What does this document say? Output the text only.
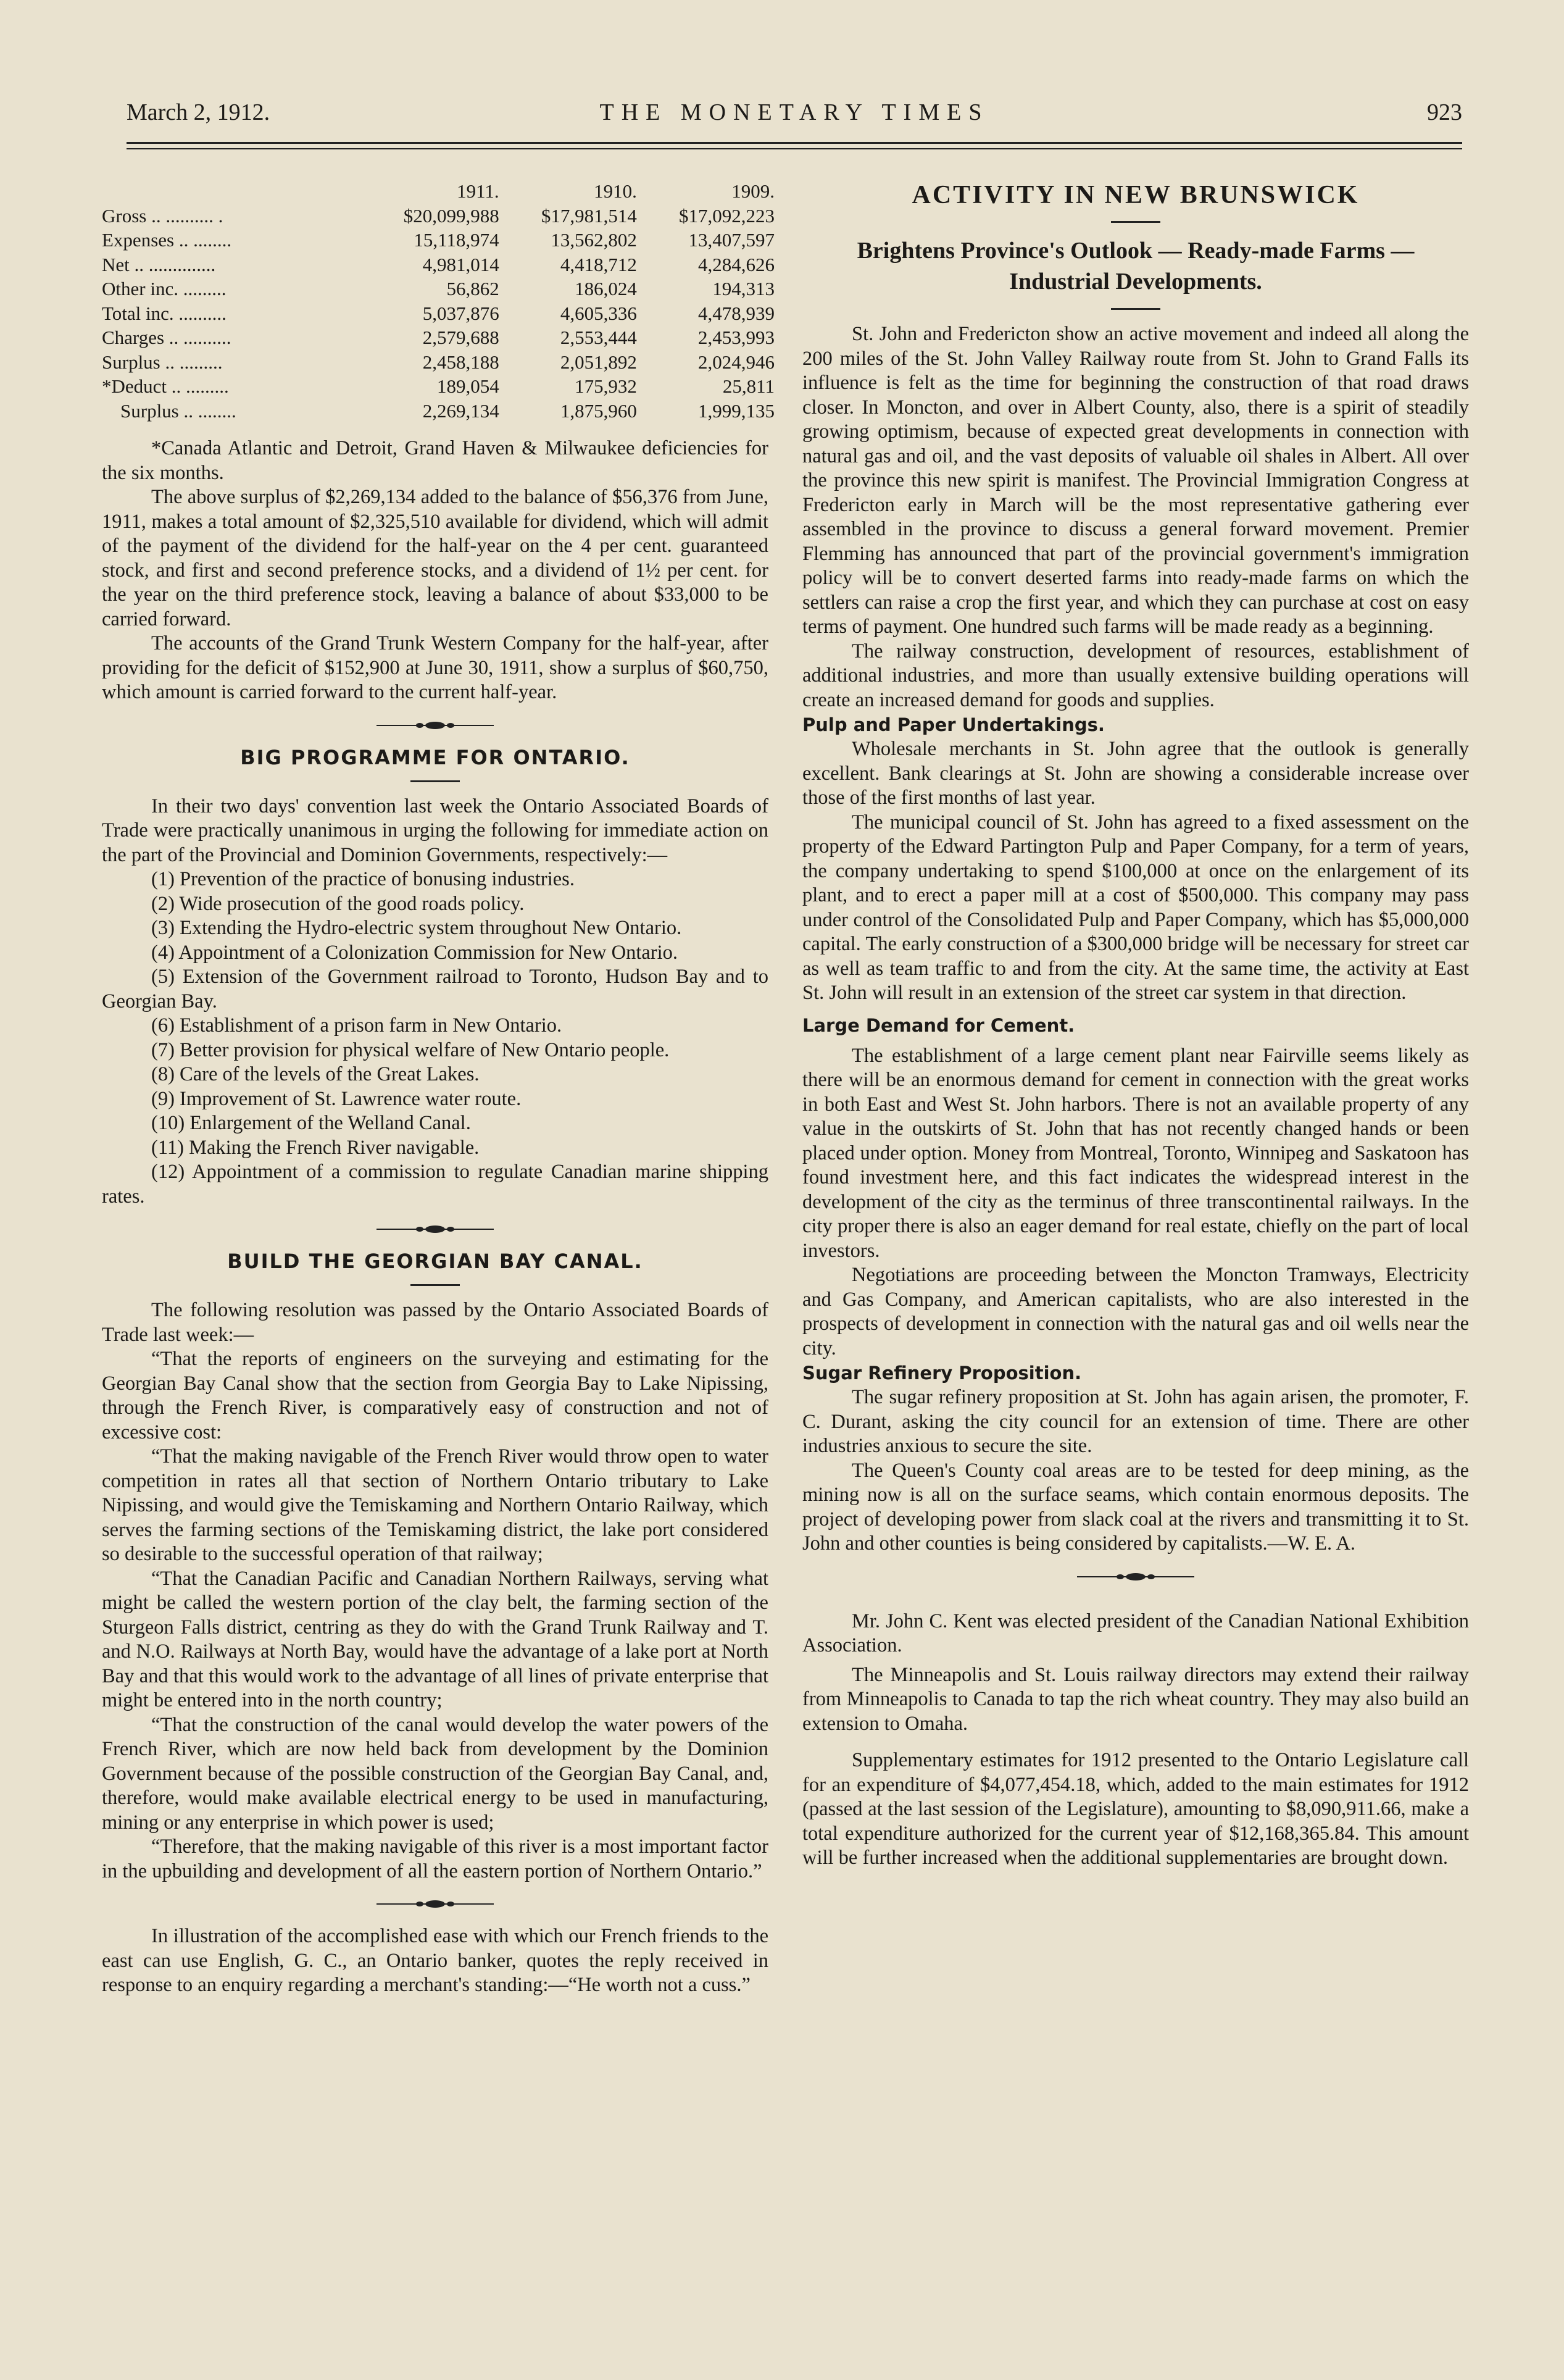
THE MONETARY TIMES
March 2, 1912.	923
	1911.	1910.	1909.
Gross .. .......... .	$20,099,988	$17,981,514	$17,092,223
Expenses .. ........	15,118,974	13,562,802	13,407,597
Net .. ..............	4,981,014	4,418,712	4,284,626
Other inc. .........	56,862	186,024	194,313
Total inc. ..........	5,037,876	4,605,336	4,478,939
Charges .. ..........	2,579,688	2,553,444	2,453,993
Surplus .. .........	2,458,188	2,051,892	2,024,946
*Deduct .. .........	189,054	175,932	25,811
Surplus .. ........	2,269,134	1,875,960	1,999,135

*Canada Atlantic and Detroit, Grand Haven & Milwaukee deficiencies for the six months.

The above surplus of $2,269,134 added to the balance of $56,376 from June, 1911, makes a total amount of $2,325,510 available for dividend, which will admit of the payment of the dividend for the half-year on the 4 per cent. guaranteed stock, and first and second preference stocks, and a dividend of 1½ per cent. for the year on the third preference stock, leaving a balance of about $33,000 to be carried forward.

The accounts of the Grand Trunk Western Company for the half-year, after providing for the deficit of $152,900 at June 30, 1911, show a surplus of $60,750, which amount is carried forward to the current half-year.

BIG PROGRAMME FOR ONTARIO.

In their two days' convention last week the Ontario Associated Boards of Trade were practically unanimous in urging the following for immediate action on the part of the Provincial and Dominion Governments, respectively:—

(1) Prevention of the practice of bonusing industries.

(2) Wide prosecution of the good roads policy.

(3) Extending the Hydro-electric system throughout New Ontario.

(4) Appointment of a Colonization Commission for New Ontario.

(5) Extension of the Government railroad to Toronto, Hudson Bay and to Georgian Bay.

(6) Establishment of a prison farm in New Ontario.

(7) Better provision for physical welfare of New Ontario people.

(8) Care of the levels of the Great Lakes.

(9) Improvement of St. Lawrence water route.

(10) Enlargement of the Welland Canal.

(11) Making the French River navigable.

(12) Appointment of a commission to regulate Canadian marine shipping rates.

BUILD THE GEORGIAN BAY CANAL.

The following resolution was passed by the Ontario Associated Boards of Trade last week:—

“That the reports of engineers on the surveying and estimating for the Georgian Bay Canal show that the section from Georgia Bay to Lake Nipissing, through the French River, is comparatively easy of construction and not of excessive cost:

“That the making navigable of the French River would throw open to water competition in rates all that section of Northern Ontario tributary to Lake Nipissing, and would give the Temiskaming and Northern Ontario Railway, which serves the farming sections of the Temiskaming district, the lake port considered so desirable to the successful operation of that railway;

“That the Canadian Pacific and Canadian Northern Railways, serving what might be called the western portion of the clay belt, the farming section of the Sturgeon Falls district, centring as they do with the Grand Trunk Railway and T. and N.O. Railways at North Bay, would have the advantage of a lake port at North Bay and that this would work to the advantage of all lines of private enterprise that might be entered into in the north country;

“That the construction of the canal would develop the water powers of the French River, which are now held back from development by the Dominion Government because of the possible construction of the Georgian Bay Canal, and, therefore, would make available electrical energy to be used in manufacturing, mining or any enterprise in which power is used;

“Therefore, that the making navigable of this river is a most important factor in the upbuilding and development of all the eastern portion of Northern Ontario.”

In illustration of the accomplished ease with which our French friends to the east can use English, G. C., an Ontario banker, quotes the reply received in response to an enquiry regarding a merchant's standing:—“He worth not a cuss.”

ACTIVITY IN NEW BRUNSWICK
Brightens Province's Outlook — Ready-made Farms —
Industrial Developments.

St. John and Fredericton show an active movement and indeed all along the 200 miles of the St. John Valley Railway route from St. John to Grand Falls its influence is felt as the time for beginning the construction of that road draws closer. In Moncton, and over in Albert County, also, there is a spirit of steadily growing optimism, because of expected great developments in connection with natural gas and oil, and the vast deposits of valuable oil shales in Albert. All over the province this new spirit is manifest. The Provincial Immigration Congress at Fredericton early in March will be the most representative gathering ever assembled in the province to discuss a general forward movement. Premier Flemming has announced that part of the provincial government's immigration policy will be to convert deserted farms into ready-made farms on which the settlers can raise a crop the first year, and which they can purchase at cost on easy terms of payment. One hundred such farms will be made ready as a beginning.

The railway construction, development of resources, establishment of additional industries, and more than usually extensive building operations will create an increased demand for goods and supplies.

Pulp and Paper Undertakings.

Wholesale merchants in St. John agree that the outlook is generally excellent. Bank clearings at St. John are showing a considerable increase over those of the first months of last year.

The municipal council of St. John has agreed to a fixed assessment on the property of the Edward Partington Pulp and Paper Company, for a term of years, the company undertaking to spend $100,000 at once on the enlargement of its plant, and to erect a paper mill at a cost of $500,000. This company may pass under control of the Consolidated Pulp and Paper Company, which has $5,000,000 capital. The early construction of a $300,000 bridge will be necessary for street car as well as team traffic to and from the city. At the same time, the activity at East St. John will result in an extension of the street car system in that direction.

Large Demand for Cement.

The establishment of a large cement plant near Fairville seems likely as there will be an enormous demand for cement in connection with the great works in both East and West St. John harbors. There is not an available property of any value in the outskirts of St. John that has not recently changed hands or been placed under option. Money from Montreal, Toronto, Winnipeg and Saskatoon has found investment here, and this fact indicates the widespread interest in the development of the city as the terminus of three transcontinental railways. In the city proper there is also an eager demand for real estate, chiefly on the part of local investors.

Negotiations are proceeding between the Moncton Tramways, Electricity and Gas Company, and American capitalists, who are also interested in the prospects of development in connection with the natural gas and oil wells near the city.

Sugar Refinery Proposition.

The sugar refinery proposition at St. John has again arisen, the promoter, F. C. Durant, asking the city council for an extension of time. There are other industries anxious to secure the site.

The Queen's County coal areas are to be tested for deep mining, as the mining now is all on the surface seams, which contain enormous deposits. The project of developing power from slack coal at the rivers and transmitting it to St. John and other counties is being considered by capitalists.—W. E. A.

Mr. John C. Kent was elected president of the Canadian National Exhibition Association.

The Minneapolis and St. Louis railway directors may extend their railway from Minneapolis to Canada to tap the rich wheat country. They may also build an extension to Omaha.

Supplementary estimates for 1912 presented to the Ontario Legislature call for an expenditure of $4,077,454.18, which, added to the main estimates for 1912 (passed at the last session of the Legislature), amounting to $8,090,911.66, make a total expenditure authorized for the current year of $12,168,365.84. This amount will be further increased when the additional supplementaries are brought down.
